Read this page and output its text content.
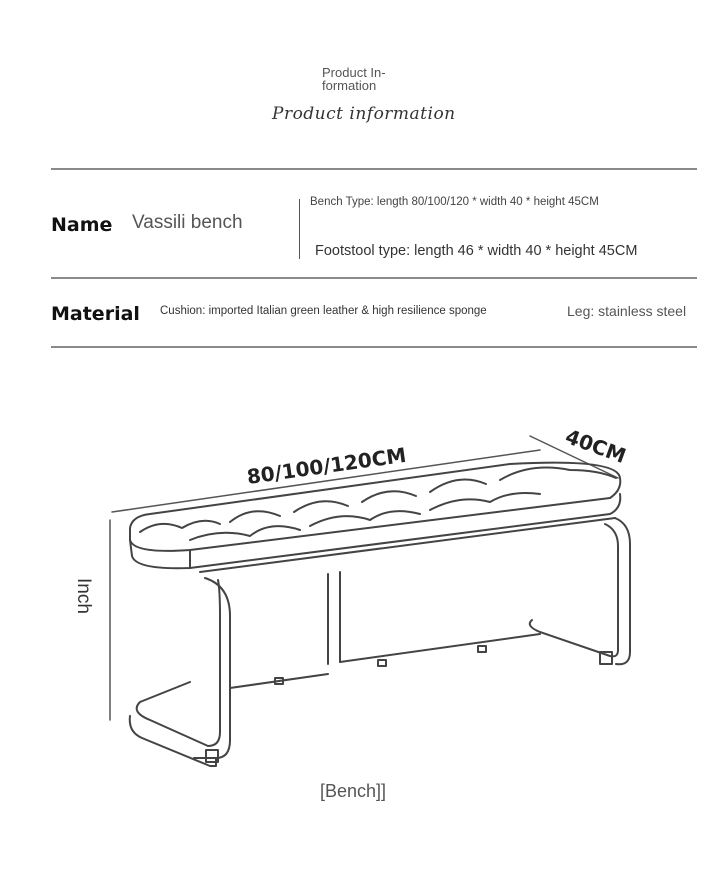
Product In-
formation
Product information
Name Vassili bench
Bench Type: length 80/100/120 * width 40 * height 45CM
Footstool type: length 46 * width 40 * height 45CM
Material Cushion: imported Italian green leather & high resilience sponge	Leg: stainless steel
80/100/120CM	40CM
Inch
[Bench]]
